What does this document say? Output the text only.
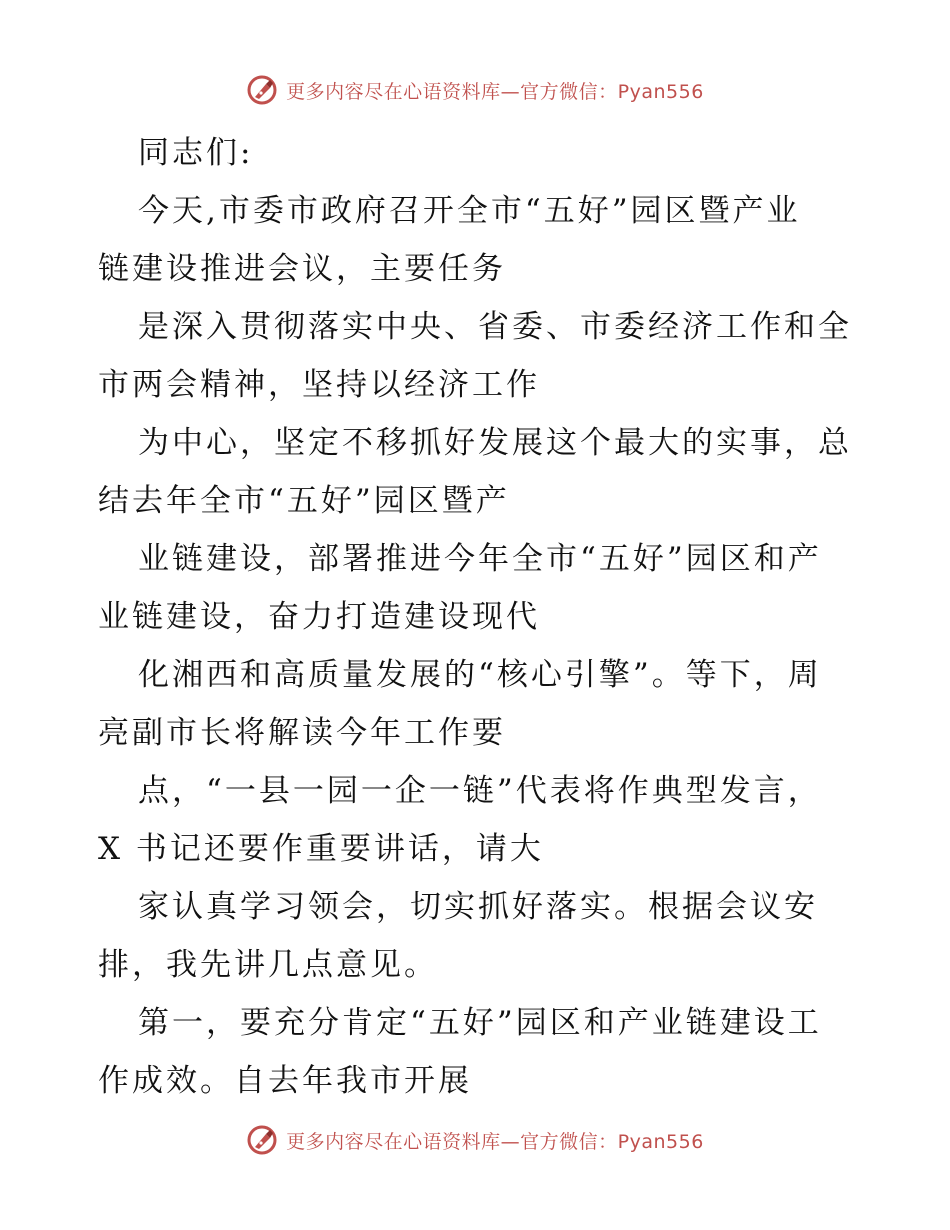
更多内容尽在心语资料库—官方微信：Pyan556
同志们:
今天,市委市政府召开全市“五好”园区暨产业
链建设推进会议，主要任务
是深入贯彻落实中央、省委、市委经济工作和全
市两会精神，坚持以经济工作
为中心，坚定不移抓好发展这个最大的实事，总
结去年全市“五好”园区暨产
业链建设，部署推进今年全市“五好”园区和产
业链建设，奋力打造建设现代
化湘西和高质量发展的“核心引擎”。等下，周
亮副市长将解读今年工作要
点，“一县一园一企一链”代表将作典型发言，
X 书记还要作重要讲话，请大
家认真学习领会，切实抓好落实。根据会议安
排，我先讲几点意见。
第一，要充分肯定“五好”园区和产业链建设工
作成效。自去年我市开展
更多内容尽在心语资料库—官方微信：Pyan556
